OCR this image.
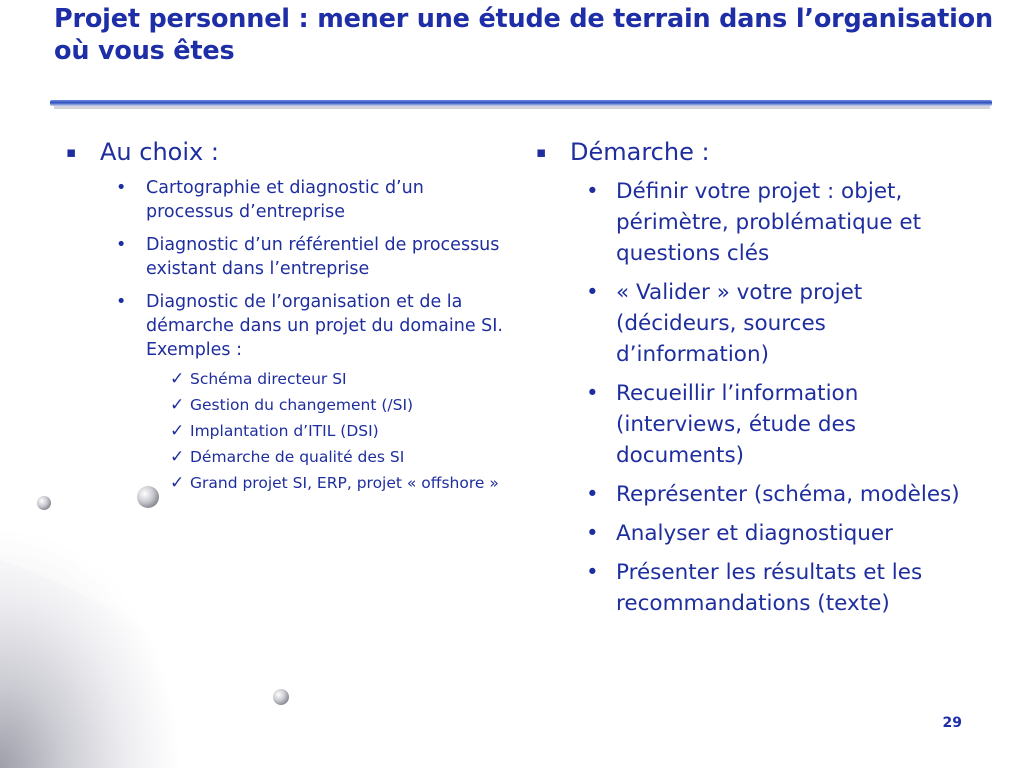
Projet personnel : mener une étude de terrain dans l’organisation où vous êtes
▪ Au choix :
• Cartographie et diagnostic d’un processus d’entreprise
• Diagnostic d’un référentiel de processus existant dans l’entreprise
• Diagnostic de l’organisation et de la démarche dans un projet du domaine SI. Exemples :
✓ Schéma directeur SI
✓ Gestion du changement (/SI)
✓ Implantation d’ITIL (DSI)
✓ Démarche de qualité des SI
✓ Grand projet SI, ERP, projet « offshore »
▪ Démarche :
• Définir votre projet : objet, périmètre, problématique et questions clés
• « Valider » votre projet (décideurs, sources d’information)
• Recueillir l’information (interviews, étude des documents)
• Représenter (schéma, modèles)
• Analyser et diagnostiquer
• Présenter les résultats et les recommandations (texte)
29
